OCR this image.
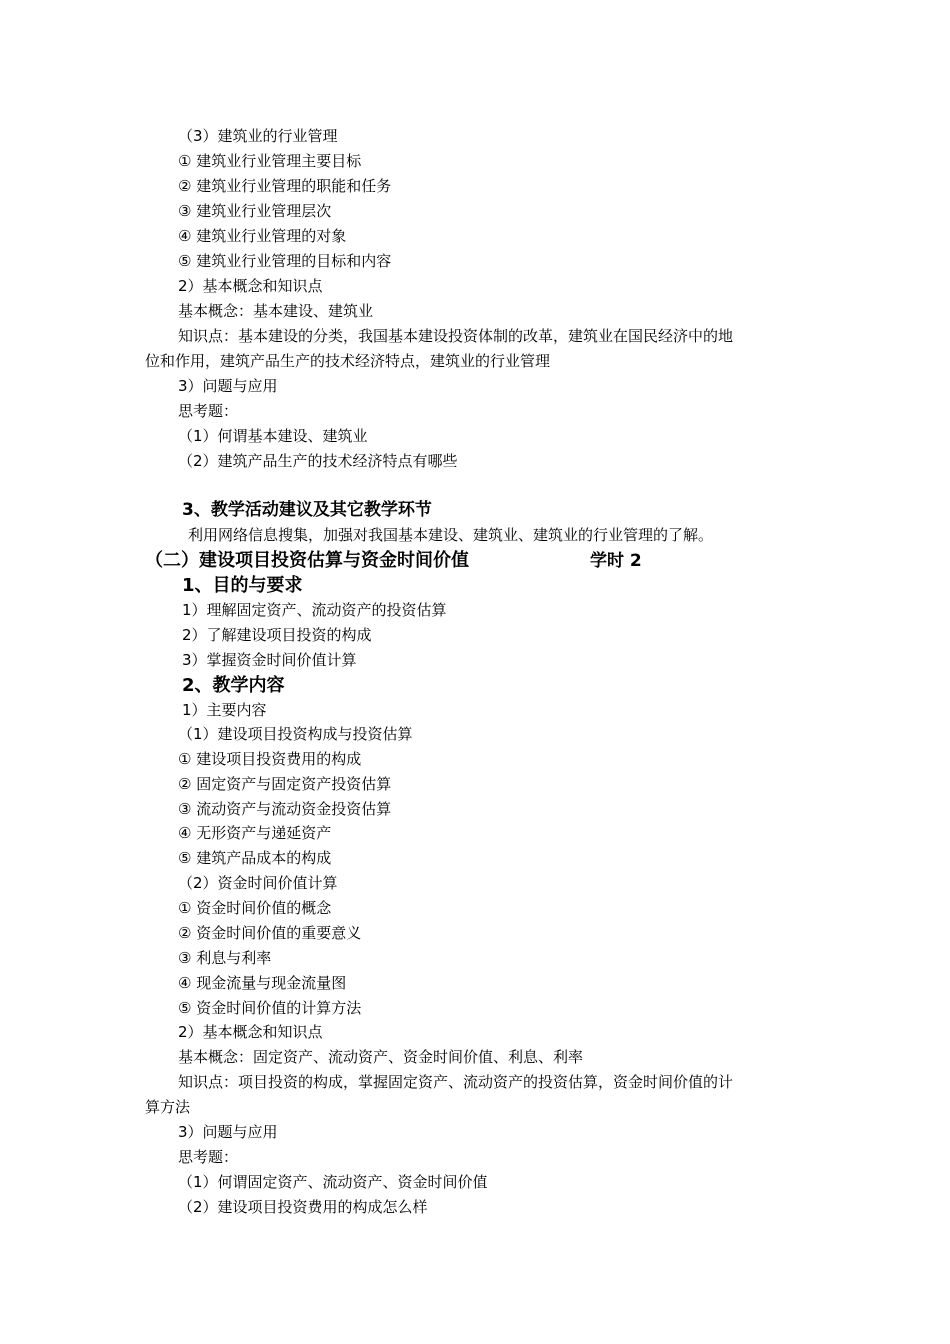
（3）建筑业的行业管理
① 建筑业行业管理主要目标
② 建筑业行业管理的职能和任务
③ 建筑业行业管理层次
④ 建筑业行业管理的对象
⑤ 建筑业行业管理的目标和内容
2）基本概念和知识点
基本概念：基本建设、建筑业
知识点：基本建设的分类，我国基本建设投资体制的改革，建筑业在国民经济中的地
位和作用，建筑产品生产的技术经济特点，建筑业的行业管理
3）问题与应用
思考题：
（1）何谓基本建设、建筑业
（2）建筑产品生产的技术经济特点有哪些
3、教学活动建议及其它教学环节
利用网络信息搜集，加强对我国基本建设、建筑业、建筑业的行业管理的了解。
（二）建设项目投资估算与资金时间价值	学时 2
1、目的与要求
1）理解固定资产、流动资产的投资估算
2）了解建设项目投资的构成
3）掌握资金时间价值计算
2、教学内容
1）主要内容
（1）建设项目投资构成与投资估算
① 建设项目投资费用的构成
② 固定资产与固定资产投资估算
③ 流动资产与流动资金投资估算
④ 无形资产与递延资产
⑤ 建筑产品成本的构成
（2）资金时间价值计算
① 资金时间价值的概念
② 资金时间价值的重要意义
③ 利息与利率
④ 现金流量与现金流量图
⑤ 资金时间价值的计算方法
2）基本概念和知识点
基本概念：固定资产、流动资产、资金时间价值、利息、利率
知识点：项目投资的构成，掌握固定资产、流动资产的投资估算，资金时间价值的计
算方法
3）问题与应用
思考题：
（1）何谓固定资产、流动资产、资金时间价值
（2）建设项目投资费用的构成怎么样
